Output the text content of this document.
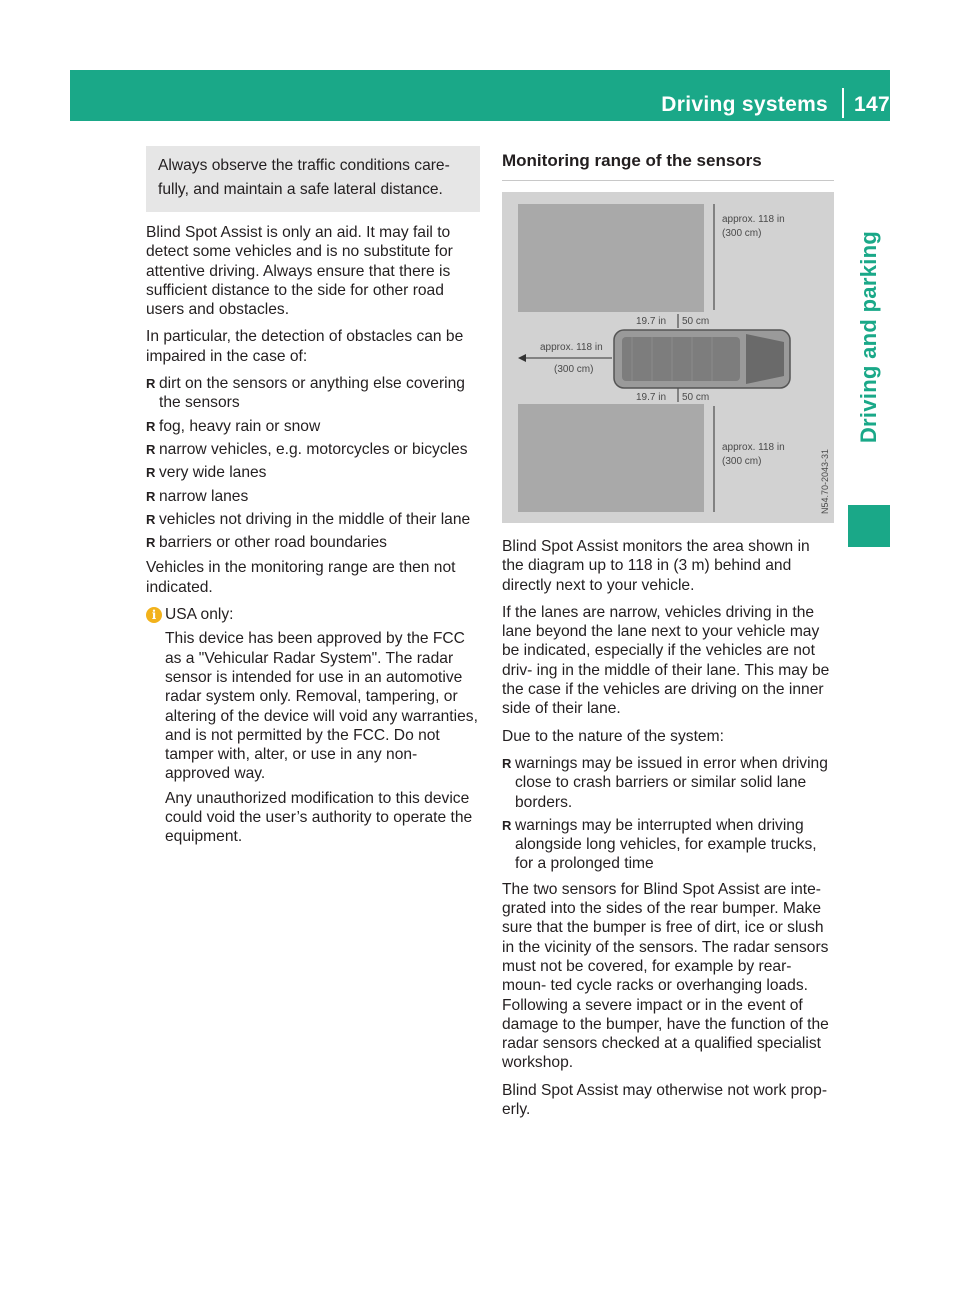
Driving systems 147
Driving and parking
Always observe the traffic conditions care- fully, and maintain a safe lateral distance.

Blind Spot Assist is only an aid. It may fail to detect some vehicles and is no substitute for attentive driving. Always ensure that there is sufficient distance to the side for other road users and obstacles.

In particular, the detection of obstacles can be impaired in the case of:

R dirt on the sensors or anything else covering the sensors
R fog, heavy rain or snow
R narrow vehicles, e.g. motorcycles or bicycles
R very wide lanes
R narrow lanes
R vehicles not driving in the middle of their lane
R barriers or other road boundaries

Vehicles in the monitoring range are then not indicated.

i USA only:

This device has been approved by the FCC as a "Vehicular Radar System". The radar sensor is intended for use in an automotive radar system only. Removal, tampering, or altering of the device will void any warranties, and is not permitted by the FCC. Do not tamper with, alter, or use in any non-approved way.

Any unauthorized modification to this device could void the user’s authority to operate the equipment.

Monitoring range of the sensors
approx. 118 in
(300 cm)
19.7 in 50 cm
approx. 118 in
(300 cm)
19.7 in 50 cm
approx. 118 in
(300 cm)	N54.70-2043-31

Blind Spot Assist monitors the area shown in the diagram up to 118 in (3 m) behind and directly next to your vehicle.

If the lanes are narrow, vehicles driving in the lane beyond the lane next to your vehicle may be indicated, especially if the vehicles are not driv- ing in the middle of their lane. This may be the case if the vehicles are driving on the inner side of their lane.

Due to the nature of the system:

R warnings may be issued in error when driving close to crash barriers or similar solid lane borders.
R warnings may be interrupted when driving alongside long vehicles, for example trucks, for a prolonged time

The two sensors for Blind Spot Assist are inte- grated into the sides of the rear bumper. Make sure that the bumper is free of dirt, ice or slush in the vicinity of the sensors. The radar sensors must not be covered, for example by rear-moun- ted cycle racks or overhanging loads. Following a severe impact or in the event of damage to the bumper, have the function of the radar sensors checked at a qualified specialist workshop.

Blind Spot Assist may otherwise not work prop- erly.
